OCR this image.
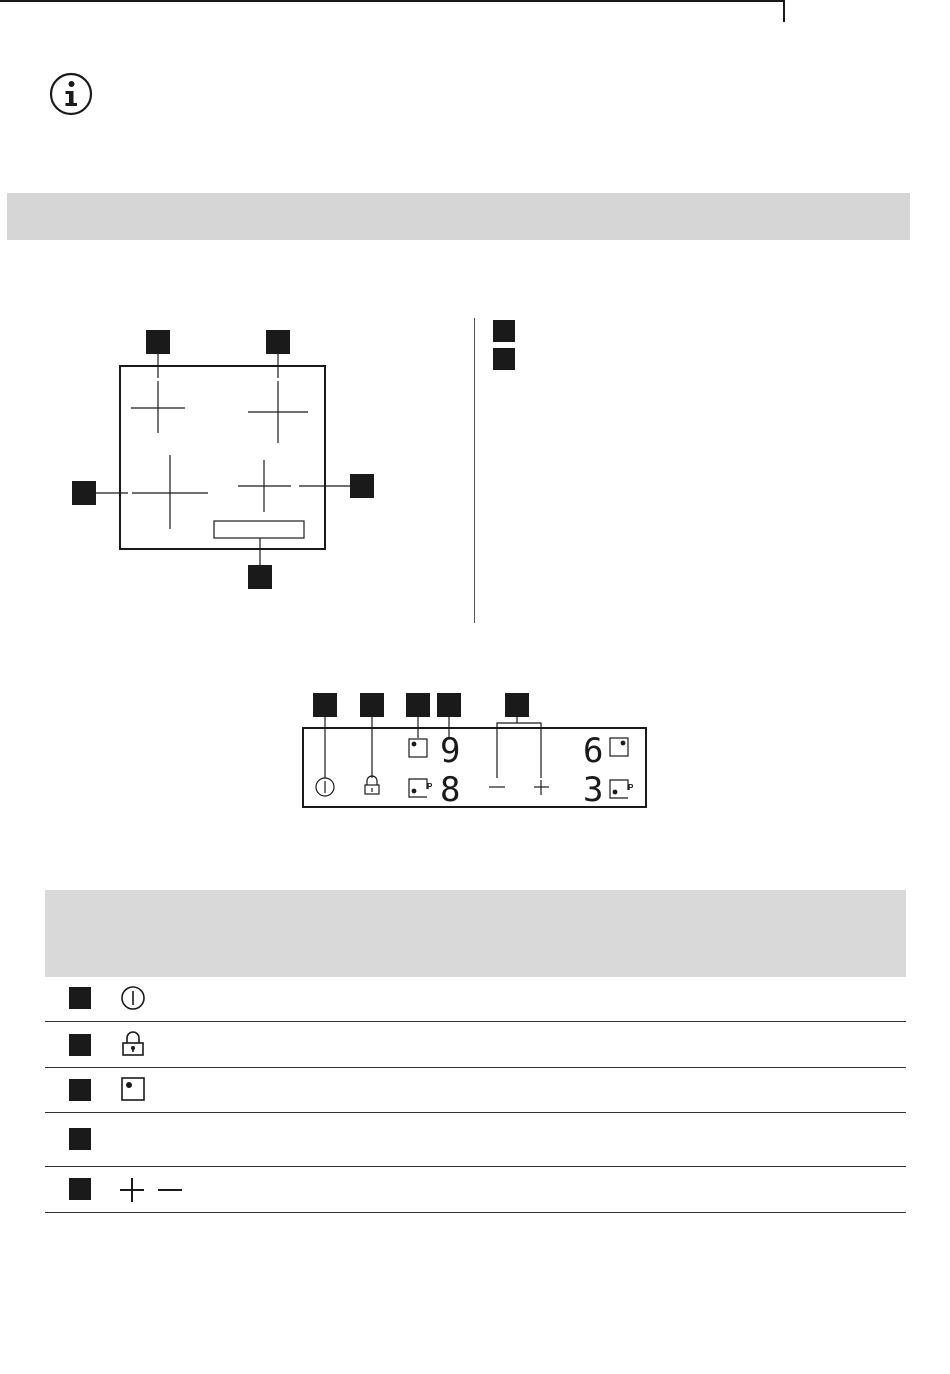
9
8
6
3
P	P
